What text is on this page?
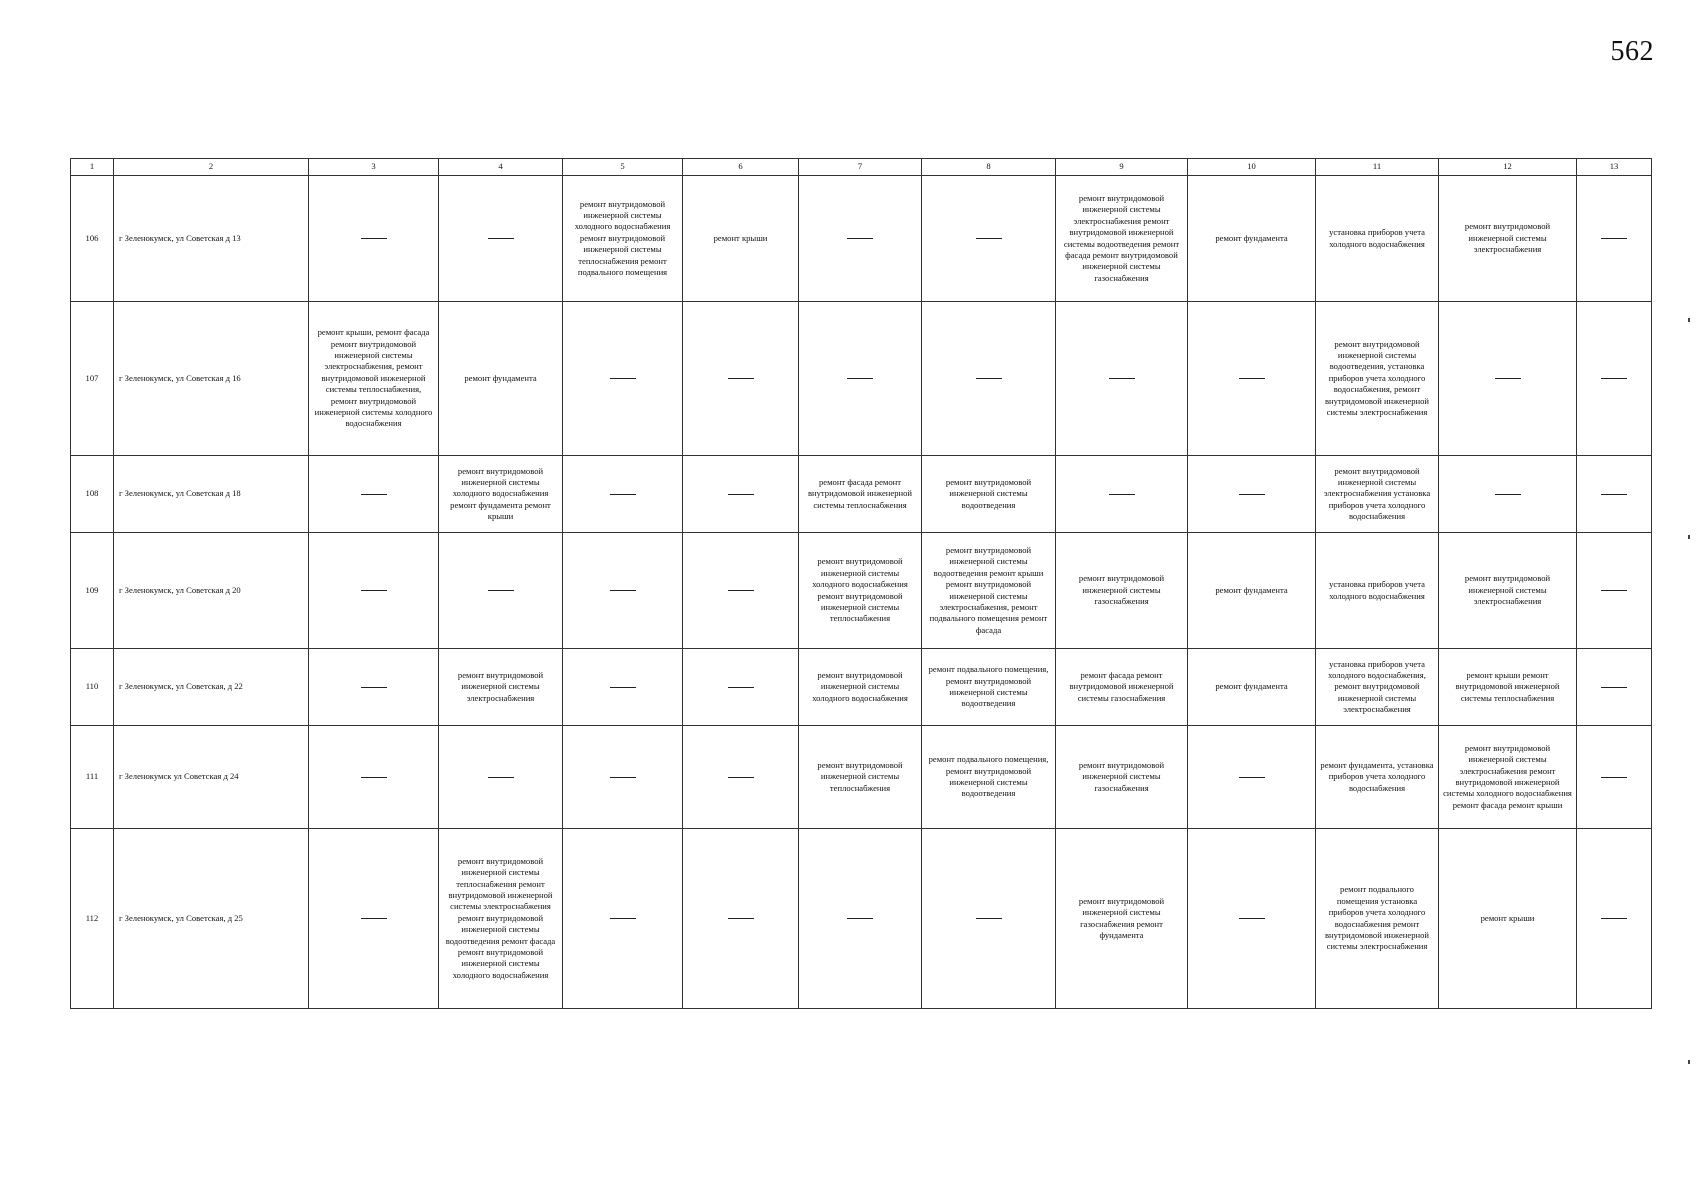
562
1	2	3	4	5	6	7	8	9	10	11	12	13
106	г Зеленокумск, ул Советская д 13			ремонт внутридомовой инженерной системы холодного водоснабжения ремонт внутридомовой инженерной системы теплоснабжения ремонт подвального помещения	ремонт крыши			ремонт внутридомовой инженерной системы электроснабжения ремонт внутридомовой инженерной системы водоотведения ремонт фасада ремонт внутридомовой инженерной системы газоснабжения	ремонт фундамента	установка приборов учета холодного водоснабжения	ремонт внутридомовой инженерной системы электроснабжения	
107	г Зеленокумск, ул Советская д 16	ремонт крыши, ремонт фасада ремонт внутридомовой инженерной системы электроснабжения, ремонт внутридомовой инженерной системы теплоснабжения, ремонт внутридомовой инженерной системы холодного водоснабжения	ремонт фундамента							ремонт внутридомовой инженерной системы водоотведения, установка приборов учета холодного водоснабжения, ремонт внутридомовой инженерной системы электроснабжения		
108	г Зеленокумск, ул Советская д 18		ремонт внутридомовой инженерной системы холодного водоснабжения ремонт фундамента ремонт крыши			ремонт фасада ремонт внутридомовой инженерной системы теплоснабжения	ремонт внутридомовой инженерной системы водоотведения			ремонт внутридомовой инженерной системы электроснабжения установка приборов учета холодного водоснабжения		
109	г Зеленокумск, ул Советская д 20					ремонт внутридомовой инженерной системы холодного водоснабжения ремонт внутридомовой инженерной системы теплоснабжения	ремонт внутридомовой инженерной системы водоотведения ремонт крыши ремонт внутридомовой инженерной системы электроснабжения, ремонт подвального помещения ремонт фасада	ремонт внутридомовой инженерной системы газоснабжения	ремонт фундамента	установка приборов учета холодного водоснабжения	ремонт внутридомовой инженерной системы электроснабжения	
110	г Зеленокумск, ул Советская, д 22		ремонт внутридомовой инженерной системы электроснабжения			ремонт внутридомовой инженерной системы холодного водоснабжения	ремонт подвального помещения, ремонт внутридомовой инженерной системы водоотведения	ремонт фасада ремонт внутридомовой инженерной системы газоснабжения	ремонт фундамента	установка приборов учета холодного водоснабжения, ремонт внутридомовой инженерной системы электроснабжения	ремонт крыши ремонт внутридомовой инженерной системы теплоснабжения	
111	г Зеленокумск ул Советская д 24					ремонт внутридомовой инженерной системы теплоснабжения	ремонт подвального помещения, ремонт внутридомовой инженерной системы водоотведения	ремонт внутридомовой инженерной системы газоснабжения		ремонт фундамента, установка приборов учета холодного водоснабжения	ремонт внутридомовой инженерной системы электроснабжения ремонт внутридомовой инженерной системы холодного водоснабжения ремонт фасада ремонт крыши	
112	г Зеленокумск, ул Советская, д 25		ремонт внутридомовой инженерной системы теплоснабжения ремонт внутридомовой инженерной системы электроснабжения ремонт внутридомовой инженерной системы водоотведения ремонт фасада ремонт внутридомовой инженерной системы холодного водоснабжения					ремонт внутридомовой инженерной системы газоснабжения ремонт фундамента		ремонт подвального помещения установка приборов учета холодного водоснабжения ремонт внутридомовой инженерной системы электроснабжения	ремонт крыши	
